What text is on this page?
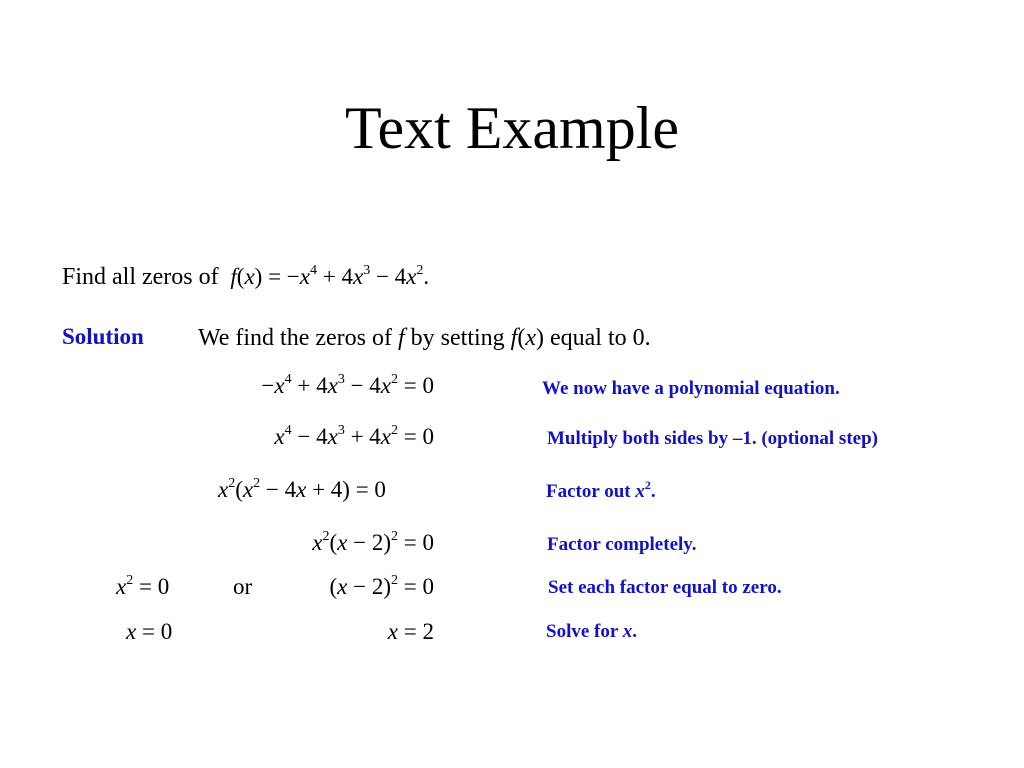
Text Example
Find all zeros of $f(x) = -x^4 + 4x^3 - 4x^2$.
Solution We find the zeros of f by setting f(x) equal to 0.
$-x^4 + 4x^3 - 4x^2 = 0$	We now have a polynomial equation.
$x^4 - 4x^3 + 4x^2 = 0$	Multiply both sides by –1. (optional step)
$x^2(x^2 - 4x + 4) = 0$	Factor out $x^2$.
$x^2(x - 2)^2 = 0$	Factor completely.
$x^2 = 0$	or	$(x - 2)^2 = 0$	Set each factor equal to zero.
x = 0	x = 2	Solve for x.
